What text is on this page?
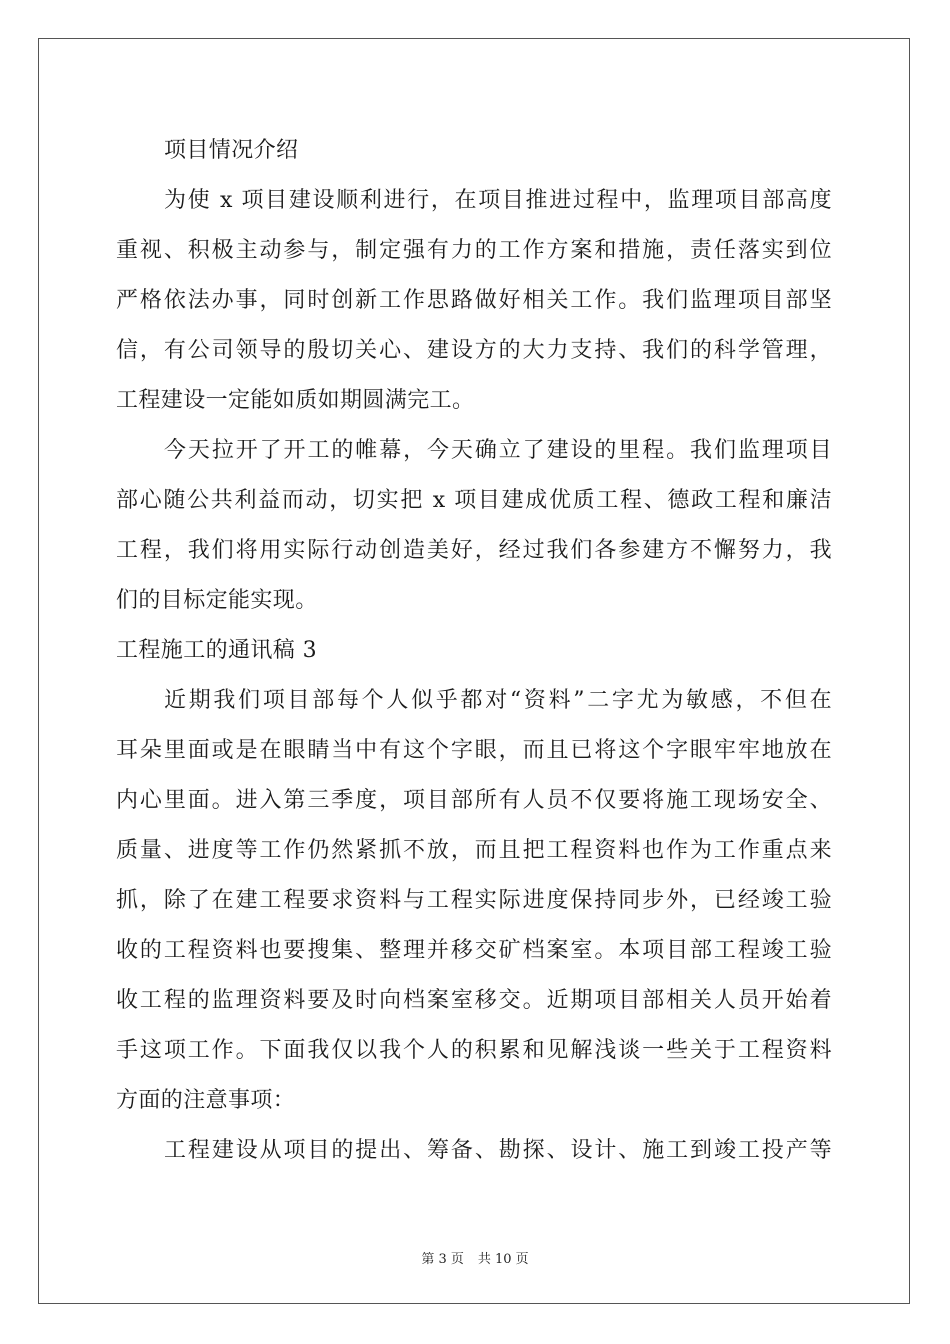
项目情况介绍
为使 x 项目建设顺利进行，在项目推进过程中，监理项目部高度
重视、积极主动参与，制定强有力的工作方案和措施，责任落实到位
严格依法办事，同时创新工作思路做好相关工作。我们监理项目部坚
信，有公司领导的殷切关心、建设方的大力支持、我们的科学管理，
工程建设一定能如质如期圆满完工。
今天拉开了开工的帷幕，今天确立了建设的里程。我们监理项目
部心随公共利益而动，切实把 x 项目建成优质工程、德政工程和廉洁
工程，我们将用实际行动创造美好，经过我们各参建方不懈努力，我
们的目标定能实现。
工程施工的通讯稿 3
近期我们项目部每个人似乎都对“资料”二字尤为敏感，不但在
耳朵里面或是在眼睛当中有这个字眼，而且已将这个字眼牢牢地放在
内心里面。进入第三季度，项目部所有人员不仅要将施工现场安全、
质量、进度等工作仍然紧抓不放，而且把工程资料也作为工作重点来
抓，除了在建工程要求资料与工程实际进度保持同步外，已经竣工验
收的工程资料也要搜集、整理并移交矿档案室。本项目部工程竣工验
收工程的监理资料要及时向档案室移交。近期项目部相关人员开始着
手这项工作。下面我仅以我个人的积累和见解浅谈一些关于工程资料
方面的注意事项：
工程建设从项目的提出、筹备、勘探、设计、施工到竣工投产等
第 3 页 共 10 页
